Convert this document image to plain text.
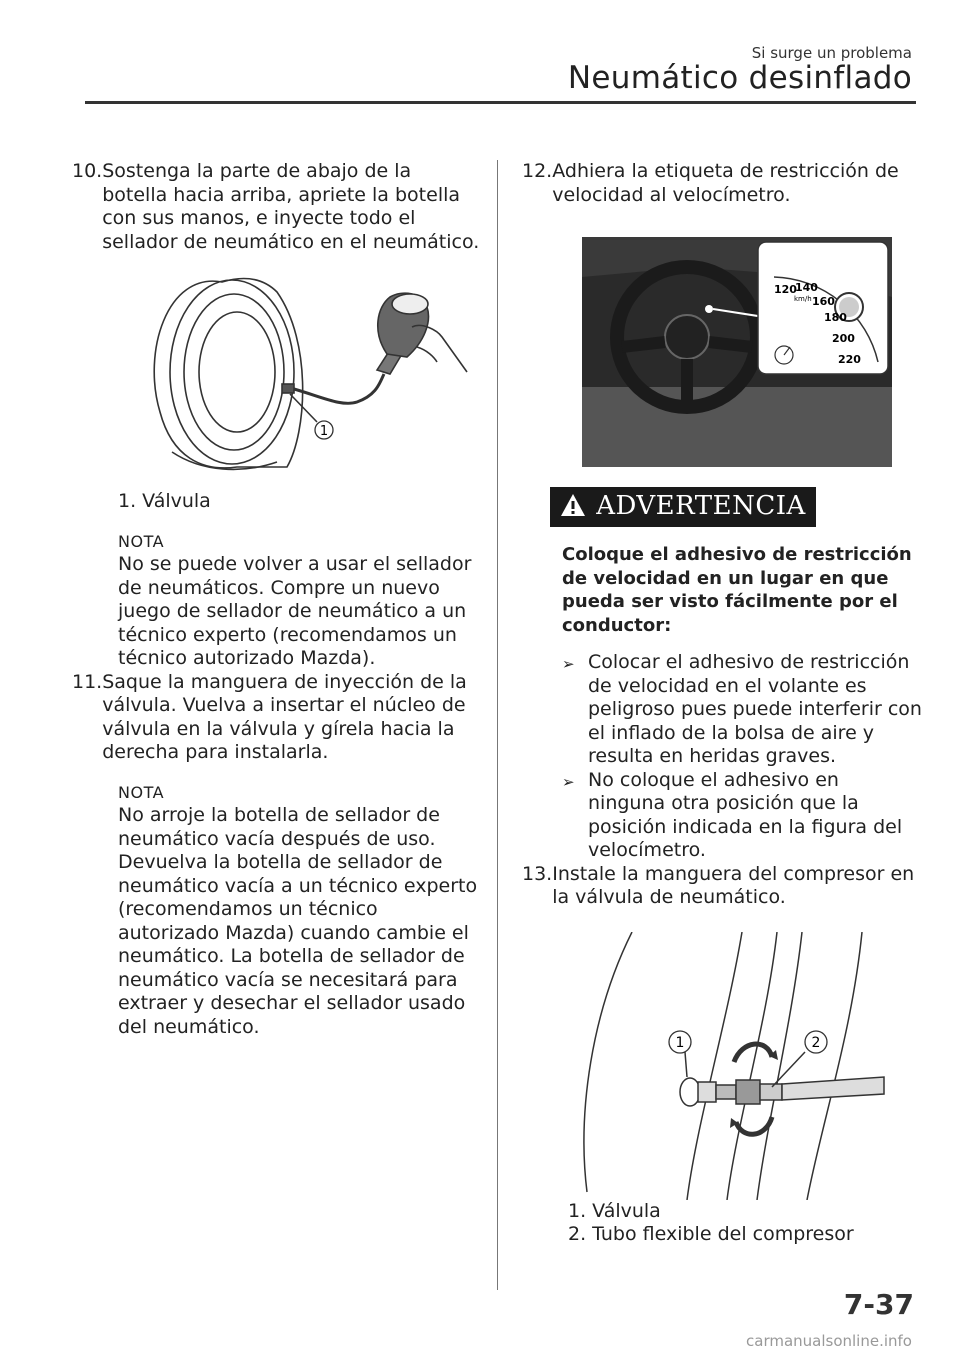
Si surge un problema
Neumático desinflado
10. Sostenga la parte de abajo de la botella hacia arriba, apriete la botella con sus manos, e inyecte todo el sellador de neumático en el neumático.
1
1. Válvula
NOTA
No se puede volver a usar el sellador de neumáticos. Compre un nuevo juego de sellador de neumático a un técnico experto (recomendamos un técnico autorizado Mazda).
11. Saque la manguera de inyección de la válvula. Vuelva a insertar el núcleo de válvula en la válvula y gírela hacia la derecha para instalarla.
NOTA
No arroje la botella de sellador de neumático vacía después de uso. Devuelva la botella de sellador de neumático vacía a un técnico experto (recomendamos un técnico autorizado Mazda) cuando cambie el neumático. La botella de sellador de neumático vacía se necesitará para extraer y desechar el sellador usado del neumático.
12. Adhiera la etiqueta de restricción de velocidad al velocímetro.
120
140
160
180
200
220
km/h
ADVERTENCIA
Coloque el adhesivo de restricción de velocidad en un lugar en que pueda ser visto fácilmente por el conductor:
➢ Colocar el adhesivo de restricción de velocidad en el volante es peligroso pues puede interferir con el inflado de la bolsa de aire y resulta en heridas graves.
➢ No coloque el adhesivo en ninguna otra posición que la posición indicada en la figura del velocímetro.
13. Instale la manguera del compresor en la válvula de neumático.
1	2
1. Válvula
2. Tubo flexible del compresor
7-37
carmanualsonline.info
